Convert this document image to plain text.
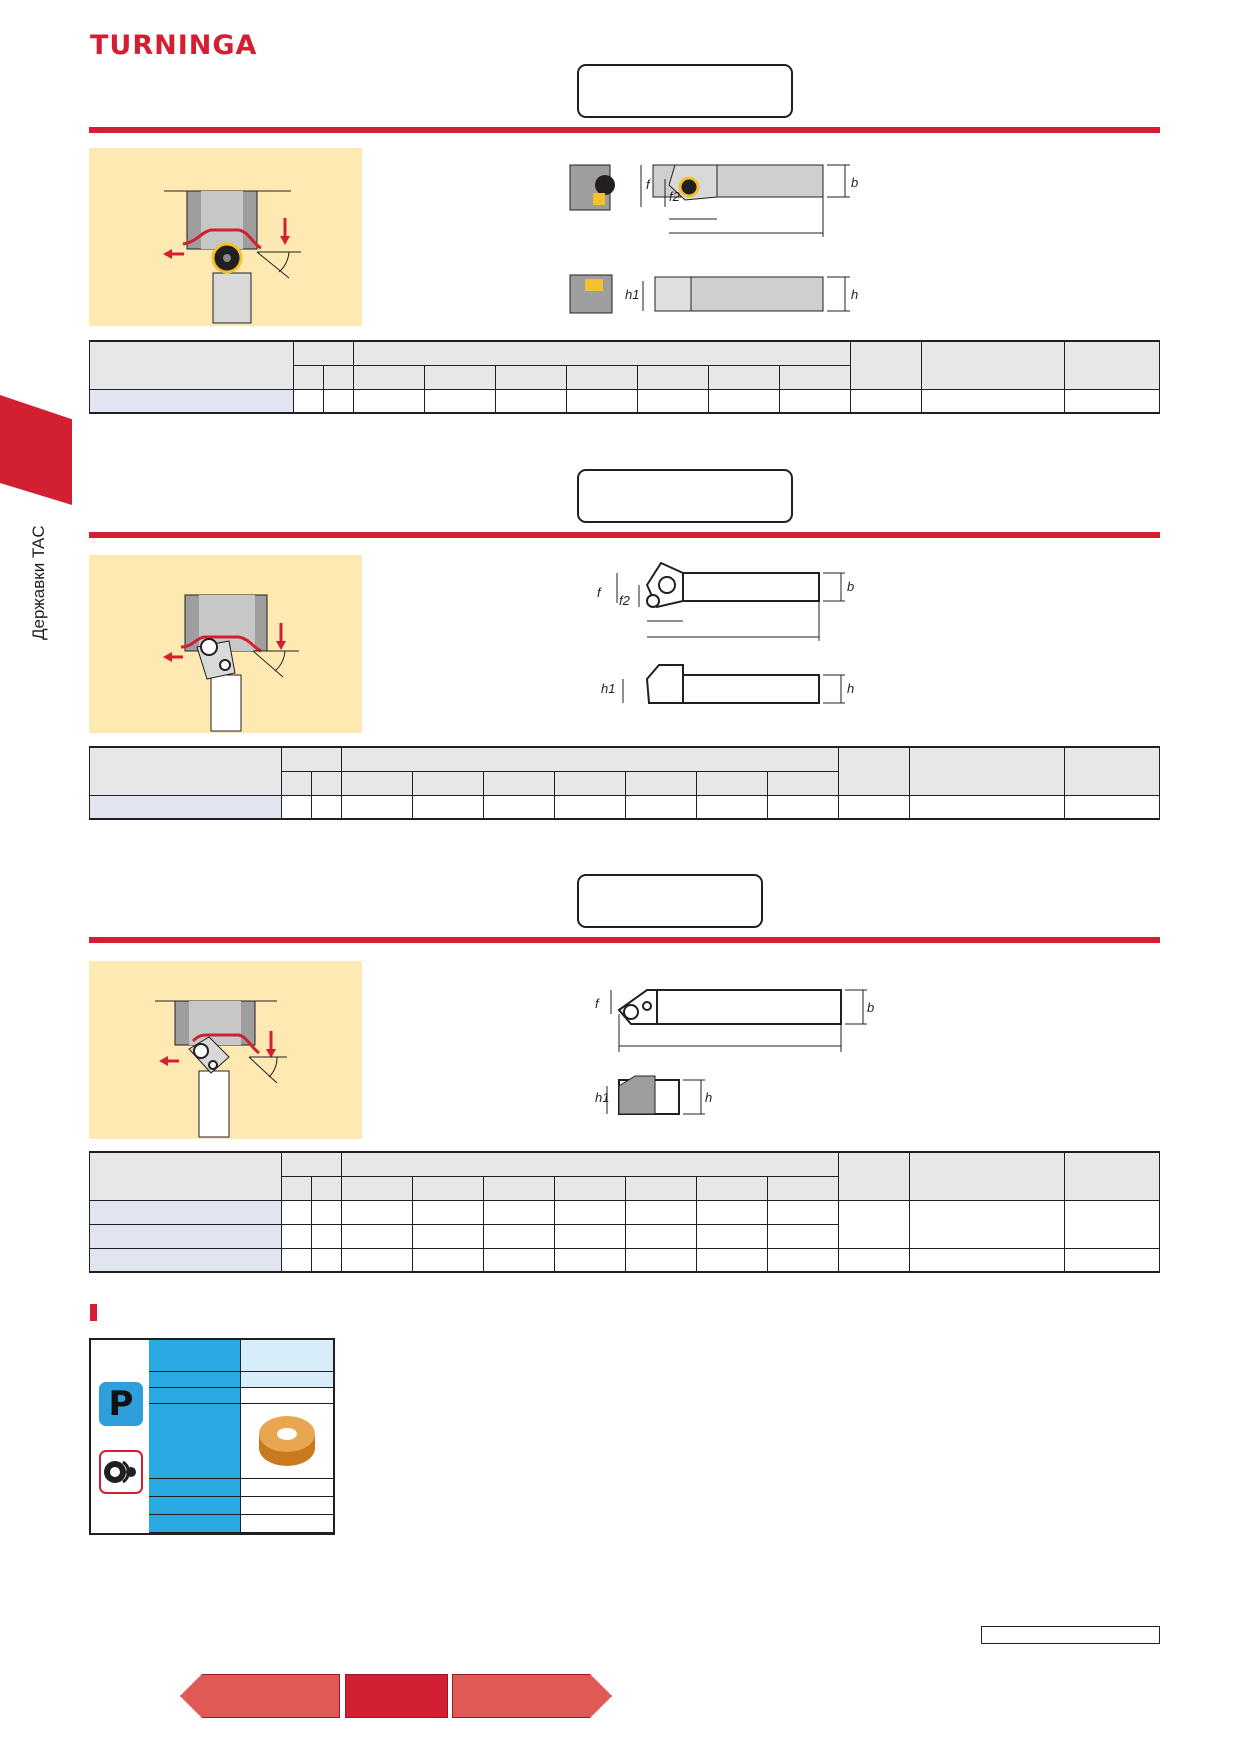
TURNINGA
Державки TAC
f
f2
b
h
h1

f
f2
b
h
h1

f	b
h
h1

P
